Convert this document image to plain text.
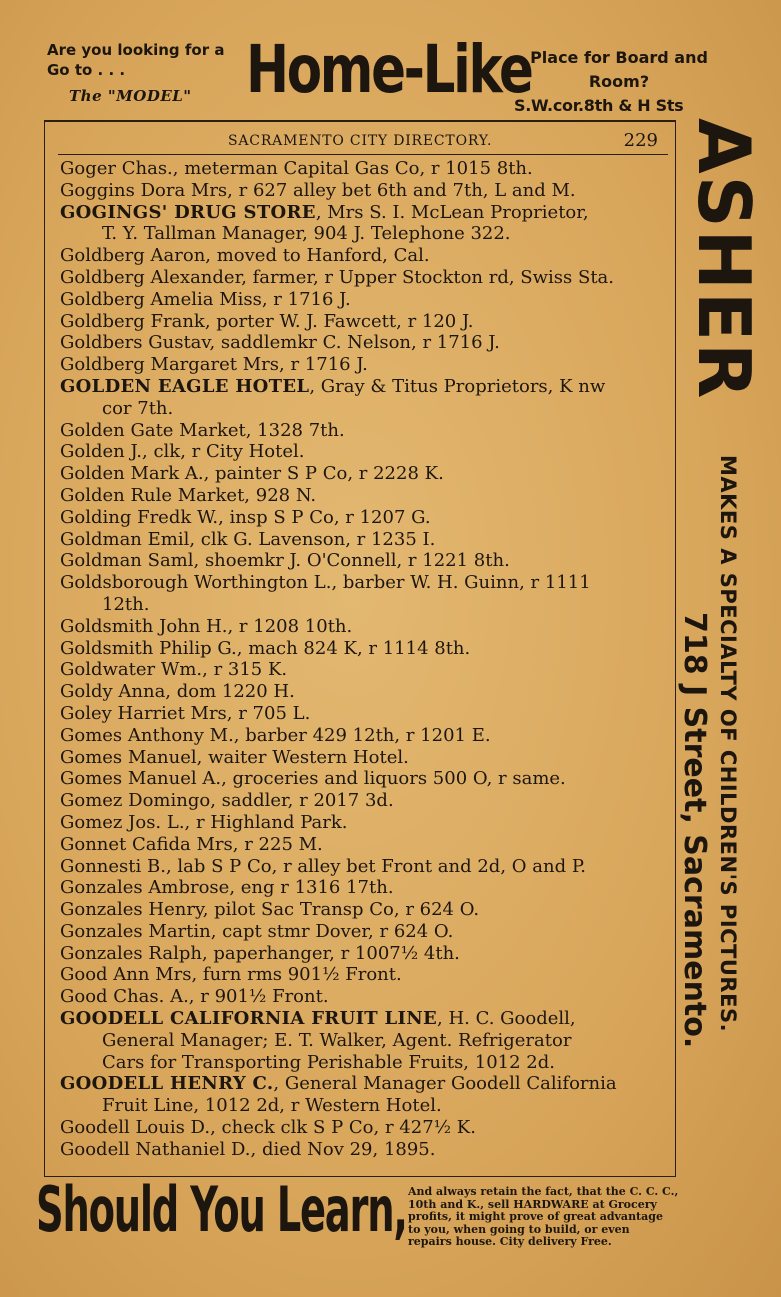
Are you looking for a
Go to . . .
The "MODEL" Home-Like
Place for Board and
Room?
S.W.cor.8th & H Sts
SACRAMENTO CITY DIRECTORY.	229
Goger Chas., meterman Capital Gas Co, r 1015 8th.
Goggins Dora Mrs, r 627 alley bet 6th and 7th, L and M.
GOGINGS' DRUG STORE, Mrs S. I. McLean Proprietor,
T. Y. Tallman Manager, 904 J. Telephone 322.
Goldberg Aaron, moved to Hanford, Cal.
Goldberg Alexander, farmer, r Upper Stockton rd, Swiss Sta.
Goldberg Amelia Miss, r 1716 J.
Goldberg Frank, porter W. J. Fawcett, r 120 J.
Goldbers Gustav, saddlemkr C. Nelson, r 1716 J.
Goldberg Margaret Mrs, r 1716 J.
GOLDEN EAGLE HOTEL, Gray & Titus Proprietors, K nw
cor 7th.
Golden Gate Market, 1328 7th.
Golden J., clk, r City Hotel.
Golden Mark A., painter S P Co, r 2228 K.
Golden Rule Market, 928 N.
Golding Fredk W., insp S P Co, r 1207 G.
Goldman Emil, clk G. Lavenson, r 1235 I.
Goldman Saml, shoemkr J. O'Connell, r 1221 8th.
Goldsborough Worthington L., barber W. H. Guinn, r 1111
12th.
Goldsmith John H., r 1208 10th.
Goldsmith Philip G., mach 824 K, r 1114 8th.
Goldwater Wm., r 315 K.
Goldy Anna, dom 1220 H.
Goley Harriet Mrs, r 705 L.
Gomes Anthony M., barber 429 12th, r 1201 E.
Gomes Manuel, waiter Western Hotel.
Gomes Manuel A., groceries and liquors 500 O, r same.
Gomez Domingo, saddler, r 2017 3d.
Gomez Jos. L., r Highland Park.
Gonnet Cafida Mrs, r 225 M.
Gonnesti B., lab S P Co, r alley bet Front and 2d, O and P.
Gonzales Ambrose, eng r 1316 17th.
Gonzales Henry, pilot Sac Transp Co, r 624 O.
Gonzales Martin, capt stmr Dover, r 624 O.
Gonzales Ralph, paperhanger, r 1007½ 4th.
Good Ann Mrs, furn rms 901½ Front.
Good Chas. A., r 901½ Front.
GOODELL CALIFORNIA FRUIT LINE, H. C. Goodell,
General Manager; E. T. Walker, Agent. Refrigerator
Cars for Transporting Perishable Fruits, 1012 2d.
GOODELL HENRY C., General Manager Goodell California
Fruit Line, 1012 2d, r Western Hotel.
Goodell Louis D., check clk S P Co, r 427½ K.
Goodell Nathaniel D., died Nov 29, 1895.
ASHER
MAKES A SPECIALTY OF CHILDREN'S PICTURES.
718 J Street, Sacramento.
Should You Learn, And always retain the fact, that the C. C. C.,
10th and K., sell HARDWARE at Grocery
profits, it might prove of great advantage
to you, when going to build, or even
repairs house. City delivery Free.
